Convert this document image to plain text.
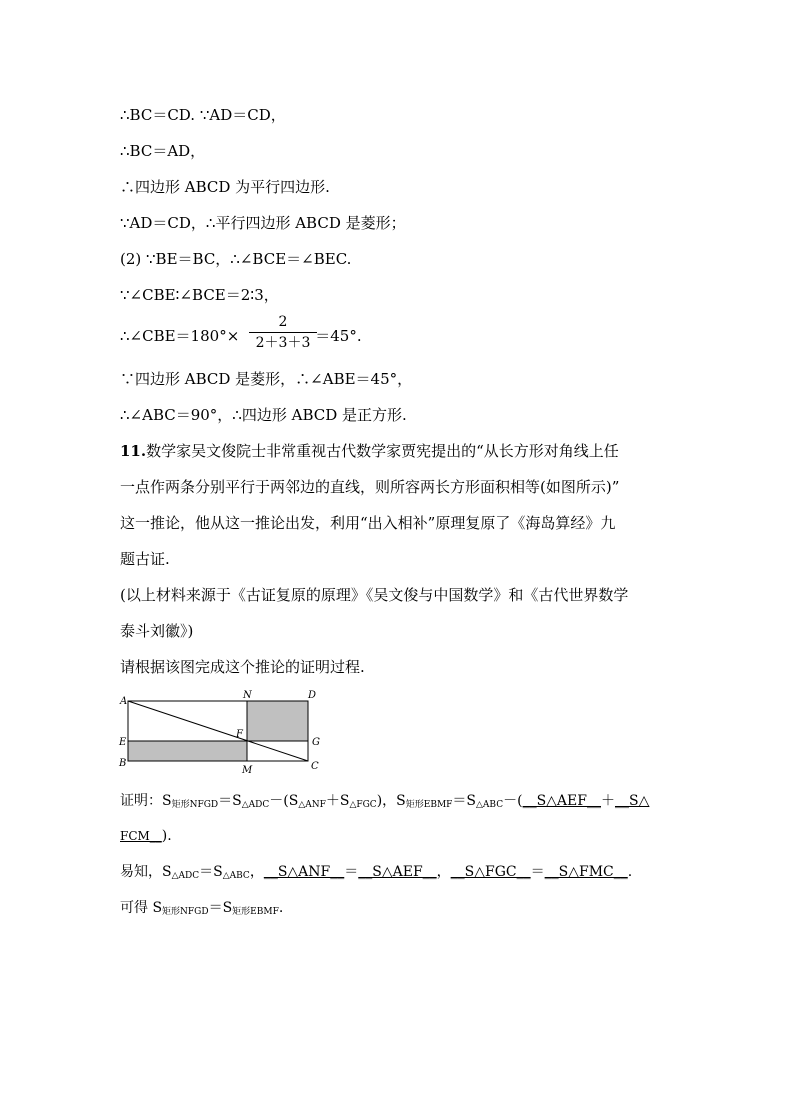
∴BC＝CD. ∵AD＝CD，
∴BC＝AD，
∴四边形 ABCD 为平行四边形.
∵AD＝CD，∴平行四边形 ABCD 是菱形；
(2) ∵BE＝BC，∴∠BCE＝∠BEC.
∵∠CBE∶∠BCE＝2∶3，
∴∠CBE＝180°×	＝45°.
2
2＋3＋3
∵四边形 ABCD 是菱形，∴∠ABE＝45°，
∴∠ABC＝90°，∴四边形 ABCD 是正方形.
11.数学家吴文俊院士非常重视古代数学家贾宪提出的“从长方形对角线上任
一点作两条分别平行于两邻边的直线，则所容两长方形面积相等(如图所示)”
这一推论，他从这一推论出发，利用“出入相补”原理复原了《海岛算经》九
题古证.
(以上材料来源于《古证复原的原理》《吴文俊与中国数学》和《古代世界数学
泰斗刘徽》)
请根据该图完成这个推论的证明过程.
A
N	D
E
F
G
B
M	C
证明：$S_{矩形NFGD}=S_{\triangle ADC}-(S_{\triangle ANF}+S_{\triangle FGC})$，$S_{矩形EBMF}=S_{\triangle ABC}-(\_\_S\triangle AEF\_\_+\_\_S\triangle$
FCM__).
易知，$S_{\triangle ADC}=S_{\triangle ABC}$，__S△ANF__＝__S△AEF__，__S△FGC__＝__S△FMC__.
可得 $S_{矩形NFGD}=S_{矩形EBMF}$.
